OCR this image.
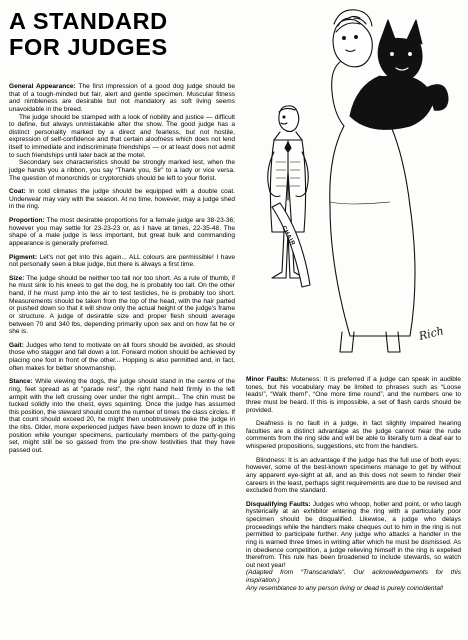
A STANDARD
FOR JUDGES
Rich
CHAIR

General Appearance: The first impression of a good dog judge should be that of a tough-minded but fair, alert and gentle specimen. Muscular fitness and nimbleness are desirable but not mandatory as soft living seems unavoidable in the breed.

The judge should be stamped with a look of nobility and justice — difficult to define, but always unmistakable after the show. The good judge has a distinct personality marked by a direct and fearless, but not hostile, expression of self-confidence and that certain aloofness which does not lend itself to immediate and indiscriminate friendships — or at least does not admit to such friendships until later back at the motel.

Secondary sex characteristics should be strongly marked lest, when the judge hands you a ribbon, you say “Thank you, Sir” to a lady or vice versa. The question of monorchids or cryptorchids should be left to your florist.

Coat: In cold climates the judge should be equipped with a double coat. Underwear may vary with the season. At no time, however, may a judge shed in the ring.

Proportion: The most desirable proportions for a female judge are 38-23-36; however you may settle for 23-23-23 or, as I have at times, 22-35-48. The shape of a male judge is less important, but great bulk and commanding appearance is generally preferred.

Pigment: Let’s not get into this again... ALL colours are permissible! I have not personally seen a blue judge, but there is always a first time.

Size: The judge should be neither too tall nor too short. As a rule of thumb, if he must sink to his knees to get the dog, he is probably too tall. On the other hand, if he must jump into the air to test testicles, he is probably too short. Measurements should be taken from the top of the head, with the hair parted or pushed down so that it will show only the actual height of the judge’s frame or structure. A judge of desirable size and proper flesh should average between 70 and 340 lbs, depending primarily upon sex and on how fat he or she is.

Gait: Judges who tend to motivate on all fours should be avoided, as should those who stagger and fall down a lot. Forward motion should be achieved by placing one foot in front of the other... Hopping is also permitted and, in fact, often makes for better showmanship.

Stance: While viewing the dogs, the judge should stand in the centre of the ring, feet spread as at “parade rest”, the right hand held firmly in the left armpit with the left crossing over under the right armpit... The chin must be tucked solidly into the chest, eyes squinting. Once the judge has assumed this position, the steward should count the number of times the class circles. If that count should exceed 20, he might then unobtrusively poke the judge in the ribs. Older, more experienced judges have been known to doze off in this position while younger specimens, particularly members of the party-going set, might still be so gassed from the pre-show festivities that they have passed out.

Minor Faults: Muteness: It is preferred if a judge can speak in audible tones, but his vocabulary may be limited to phrases such as “Loose leads!”, “Walk them!”, “One more time round”, and the numbers one to three must be heard. If this is impossible, a set of flash cards should be provided.

Deafness is no fault in a judge, in fact slightly impaired hearing faculties are a distinct advantage as the judge cannot hear the rude comments from the ring side and will be able to literally turn a deaf ear to whispered propositions, suggestions, etc from the handlers.

Blindness: It is an advantage if the judge has the full use of both eyes; however, some of the best-known specimens manage to get by without any apparent eye-sight at all, and as this does not seem to hinder their careers in the least, perhaps sight requirements are due to be revised and excluded from the standard.

Disqualifying Faults: Judges who whoop, holler and point, or who laugh hysterically at an exhibitor entering the ring with a particularly poor specimen should be disqualified. Likewise, a judge who delays proceedings while the handlers make cheques out to him in the ring is not permitted to participate further. Any judge who attacks a handler in the ring is warned three times in writing after which he must be dismissed. As in obedience competition, a judge relieving himself in the ring is expelled therefrom. This rule has been broadened to include stewards, so watch out next year!

(Adapted from “Transcandals”. Our acknowledgements for this inspiration.)

Any resemblance to any person living or dead is purely coincidental!
